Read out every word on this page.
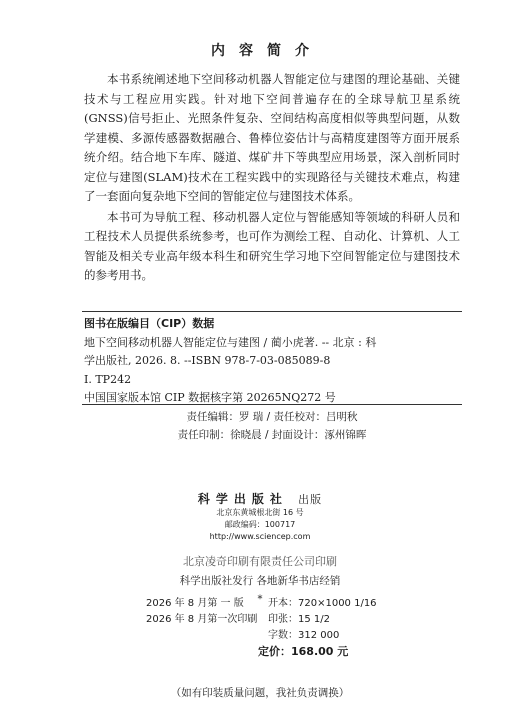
内容简介

本书系统阐述地下空间移动机器人智能定位与建图的理论基础、关键技术与工程应用实践。针对地下空间普遍存在的全球导航卫星系统(GNSS)信号拒止、光照条件复杂、空间结构高度相似等典型问题，从数学建模、多源传感器数据融合、鲁棒位姿估计与高精度建图等方面开展系统介绍。结合地下车库、隧道、煤矿井下等典型应用场景，深入剖析同时定位与建图(SLAM)技术在工程实践中的实现路径与关键技术难点，构建了一套面向复杂地下空间的智能定位与建图技术体系。

本书可为导航工程、移动机器人定位与智能感知等领域的科研人员和工程技术人员提供系统参考，也可作为测绘工程、自动化、计算机、人工智能及相关专业高年级本科生和研究生学习地下空间智能定位与建图技术的参考用书。

图书在版编目（CIP）数据
地下空间移动机器人智能定位与建图 / 蔺小虎著. -- 北京 : 科
学出版社, 2026. 8. --ISBN 978-7-03-085089-8
Ⅰ. TP242
中国国家版本馆 CIP 数据核字第 20265NQ272 号
责任编辑：罗 瑞 / 责任校对：吕明秋
责任印制：徐晓晨 / 封面设计：涿州锦晖
科学出版社 出版
北京东黄城根北街 16 号
邮政编码：100717
http://www.sciencep.com
北京凌奇印刷有限责任公司印刷
科学出版社发行 各地新华书店经销
*
2026 年 8 月第 一 版 开本：720×1000 1/16
2026 年 8 月第一次印刷 印张：15 1/2
字数：312 000
定价：168.00 元
（如有印装质量问题，我社负责调换）
